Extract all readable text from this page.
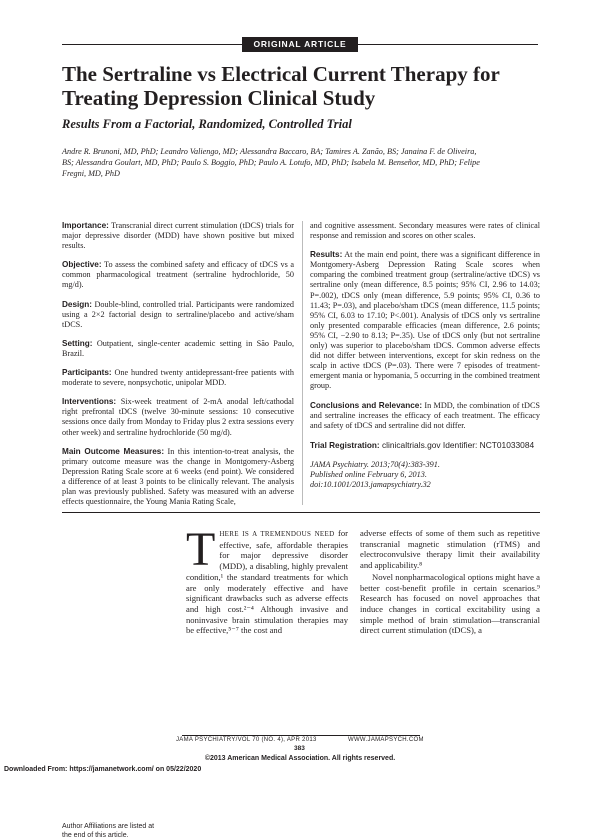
ORIGINAL ARTICLE
The Sertraline vs Electrical Current Therapy for Treating Depression Clinical Study
Results From a Factorial, Randomized, Controlled Trial
Andre R. Brunoni, MD, PhD; Leandro Valiengo, MD; Alessandra Baccaro, BA; Tamires A. Zanão, BS; Janaina F. de Oliveira, BS; Alessandra Goulart, MD, PhD; Paulo S. Boggio, PhD; Paulo A. Lotufo, MD, PhD; Isabela M. Benseñor, MD, PhD; Felipe Fregni, MD, PhD

Importance: Transcranial direct current stimulation (tDCS) trials for major depressive disorder (MDD) have shown positive but mixed results.

Objective: To assess the combined safety and efficacy of tDCS vs a common pharmacological treatment (sertraline hydrochloride, 50 mg/d).

Design: Double-blind, controlled trial. Participants were randomized using a 2×2 factorial design to sertraline/placebo and active/sham tDCS.

Setting: Outpatient, single-center academic setting in São Paulo, Brazil.

Participants: One hundred twenty antidepressant-free patients with moderate to severe, nonpsychotic, unipolar MDD.

Interventions: Six-week treatment of 2-mA anodal left/cathodal right prefrontal tDCS (twelve 30-minute sessions: 10 consecutive sessions once daily from Monday to Friday plus 2 extra sessions every other week) and sertraline hydrochloride (50 mg/d).

Main Outcome Measures: In this intention-to-treat analysis, the primary outcome measure was the change in Montgomery-Asberg Depression Rating Scale score at 6 weeks (end point). We considered a difference of at least 3 points to be clinically relevant. The analysis plan was previously published. Safety was measured with an adverse effects questionnaire, the Young Mania Rating Scale,

and cognitive assessment. Secondary measures were rates of clinical response and remission and scores on other scales.

Results: At the main end point, there was a significant difference in Montgomery-Asberg Depression Rating Scale scores when comparing the combined treatment group (sertraline/active tDCS) vs sertraline only (mean difference, 8.5 points; 95% CI, 2.96 to 14.03; P=.002), tDCS only (mean difference, 5.9 points; 95% CI, 0.36 to 11.43; P=.03), and placebo/sham tDCS (mean difference, 11.5 points; 95% CI, 6.03 to 17.10; P<.001). Analysis of tDCS only vs sertraline only presented comparable efficacies (mean difference, 2.6 points; 95% CI, −2.90 to 8.13; P=.35). Use of tDCS only (but not sertraline only) was superior to placebo/sham tDCS. Common adverse effects did not differ between interventions, except for skin redness on the scalp in active tDCS (P=.03). There were 7 episodes of treatment-emergent mania or hypomania, 5 occurring in the combined treatment group.

Conclusions and Relevance: In MDD, the combination of tDCS and sertraline increases the efficacy of each treatment. The efficacy and safety of tDCS and sertraline did not differ.

Trial Registration: clinicaltrials.gov Identifier: NCT01033084

JAMA Psychiatry. 2013;70(4):383-391.
Published online February 6, 2013.
doi:10.1001/2013.jamapsychiatry.32
Author Affiliations are listed at the end of this article.
THERE IS A TREMENDOUS NEED for effective, safe, affordable therapies for major depressive disorder (MDD), a disabling, highly prevalent condition,¹ the standard treatments for which are only moderately effective and have significant drawbacks such as adverse effects and high cost.²⁻⁴ Although invasive and noninvasive brain stimulation therapies may be effective,⁵⁻⁷ the cost and

adverse effects of some of them such as repetitive transcranial magnetic stimulation (rTMS) and electroconvulsive therapy limit their availability and applicability.⁸

Novel nonpharmacological options might have a better cost-benefit profile in certain scenarios.⁹ Research has focused on novel approaches that induce changes in cortical excitability using a simple method of brain stimulation—transcranial direct current stimulation (tDCS), a

JAMA PSYCHIATRY/VOL 70 (NO. 4), APR 2013	WWW.JAMAPSYCH.COM
383
©2013 American Medical Association. All rights reserved.
Downloaded From: https://jamanetwork.com/ on 05/22/2020
